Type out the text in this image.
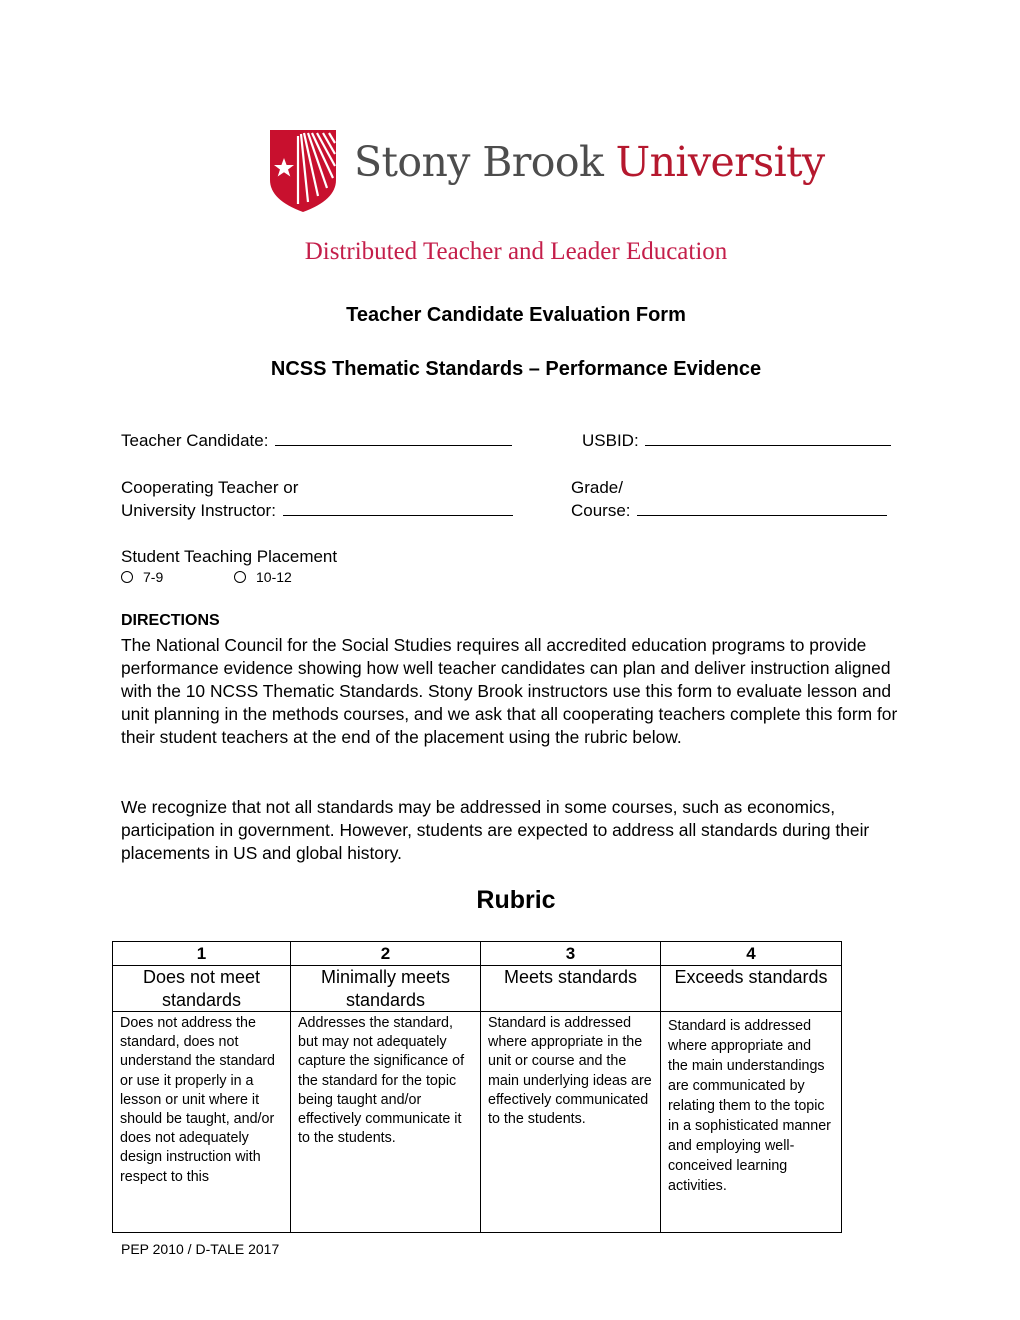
Stony Brook University
Distributed Teacher and Leader Education
Teacher Candidate Evaluation Form
NCSS Thematic Standards – Performance Evidence
Teacher Candidate:	USBID:
Cooperating Teacher or
University Instructor:
Grade/
Course:
Student Teaching Placement
7-9	10-12
DIRECTIONS
The National Council for the Social Studies requires all accredited education programs to provide performance evidence showing how well teacher candidates can plan and deliver instruction aligned with the 10 NCSS Thematic Standards. Stony Brook instructors use this form to evaluate lesson and unit planning in the methods courses, and we ask that all cooperating teachers complete this form for their student teachers at the end of the placement using the rubric below.
We recognize that not all standards may be addressed in some courses, such as economics, participation in government. However, students are expected to address all standards during their placements in US and global history.
Rubric
1	2	3	4
Does not meet standards	Minimally meets standards	Meets standards	Exceeds standards
Does not address the standard, does not understand the standard or use it properly in a lesson or unit where it should be taught, and/or does not adequately design instruction with respect to this	Addresses the standard, but may not adequately capture the significance of the standard for the topic being taught and/or effectively communicate it to the students.	Standard is addressed where appropriate in the unit or course and the main underlying ideas are effectively communicated to the students.	Standard is addressed where appropriate and the main understandings are communicated by relating them to the topic in a sophisticated manner and employing well-conceived learning activities.
PEP 2010 / D-TALE 2017
